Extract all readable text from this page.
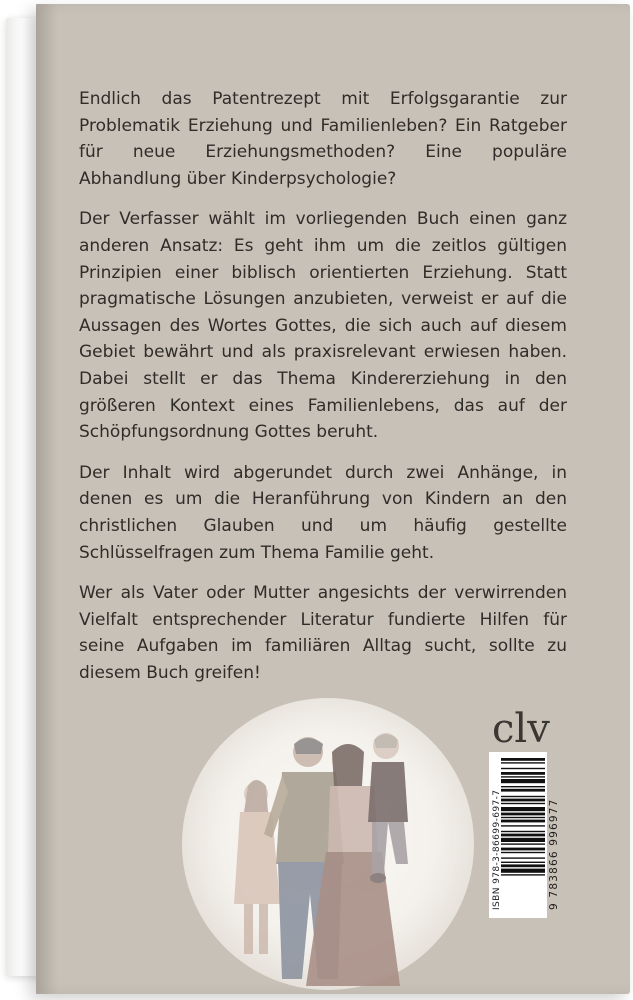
Endlich das Patentrezept mit Erfolgsgarantie zur Problematik Erziehung und Familienleben? Ein Ratgeber für neue Erziehungsmethoden? Eine populäre Abhandlung über Kinderpsychologie?

Der Verfasser wählt im vorliegenden Buch einen ganz anderen Ansatz: Es geht ihm um die zeitlos gültigen Prinzipien einer biblisch orientierten Erziehung. Statt pragmatische Lösungen anzubieten, verweist er auf die Aussagen des Wortes Gottes, die sich auch auf diesem Gebiet bewährt und als praxisrelevant erwiesen haben. Dabei stellt er das Thema Kindererziehung in den größeren Kontext eines Familienlebens, das auf der Schöpfungsordnung Gottes beruht.

Der Inhalt wird abgerundet durch zwei Anhänge, in denen es um die Heranführung von Kindern an den christlichen Glauben und um häufig gestellte Schlüsselfragen zum Thema Familie geht.

Wer als Vater oder Mutter angesichts der verwirrenden Vielfalt entsprechender Literatur fundierte Hilfen für seine Aufgaben im familiären Alltag sucht, sollte zu diesem Buch greifen!

clv
ISBN 978-3-86699-697-7	9 783866 996977
